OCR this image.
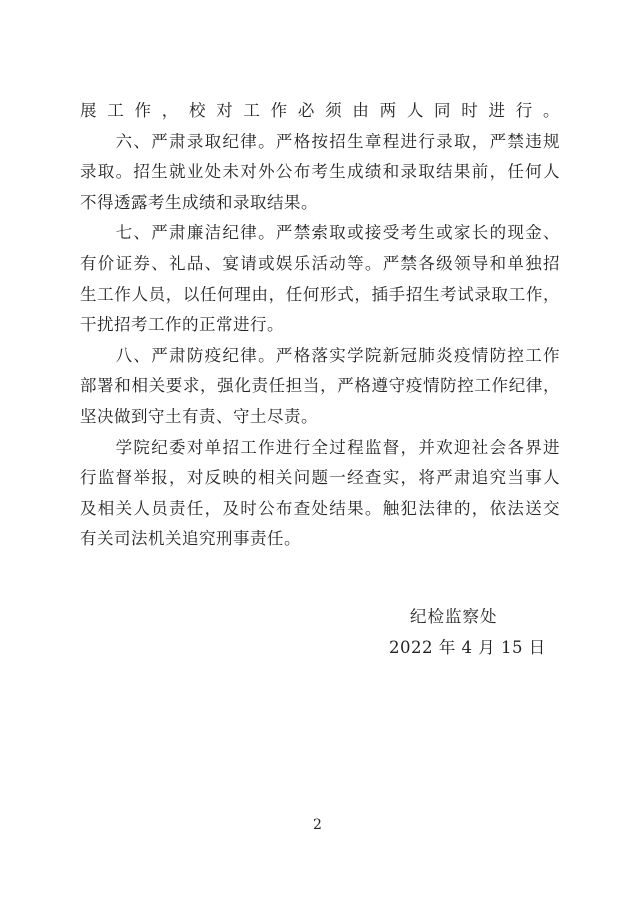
展工作，校对工作必须由两人同时进行。
　　六、严肃录取纪律。严格按招生章程进行录取，严禁违规
录取。招生就业处未对外公布考生成绩和录取结果前，任何人
不得透露考生成绩和录取结果。
　　七、严肃廉洁纪律。严禁索取或接受考生或家长的现金、
有价证券、礼品、宴请或娱乐活动等。严禁各级领导和单独招
生工作人员，以任何理由，任何形式，插手招生考试录取工作，
干扰招考工作的正常进行。
　　八、严肃防疫纪律。严格落实学院新冠肺炎疫情防控工作
部署和相关要求，强化责任担当，严格遵守疫情防控工作纪律，
坚决做到守土有责、守土尽责。
　　学院纪委对单招工作进行全过程监督，并欢迎社会各界进
行监督举报，对反映的相关问题一经查实，将严肃追究当事人
及相关人员责任，及时公布查处结果。触犯法律的，依法送交
有关司法机关追究刑事责任。
纪检监察处
2022 年 4 月 15 日
2
